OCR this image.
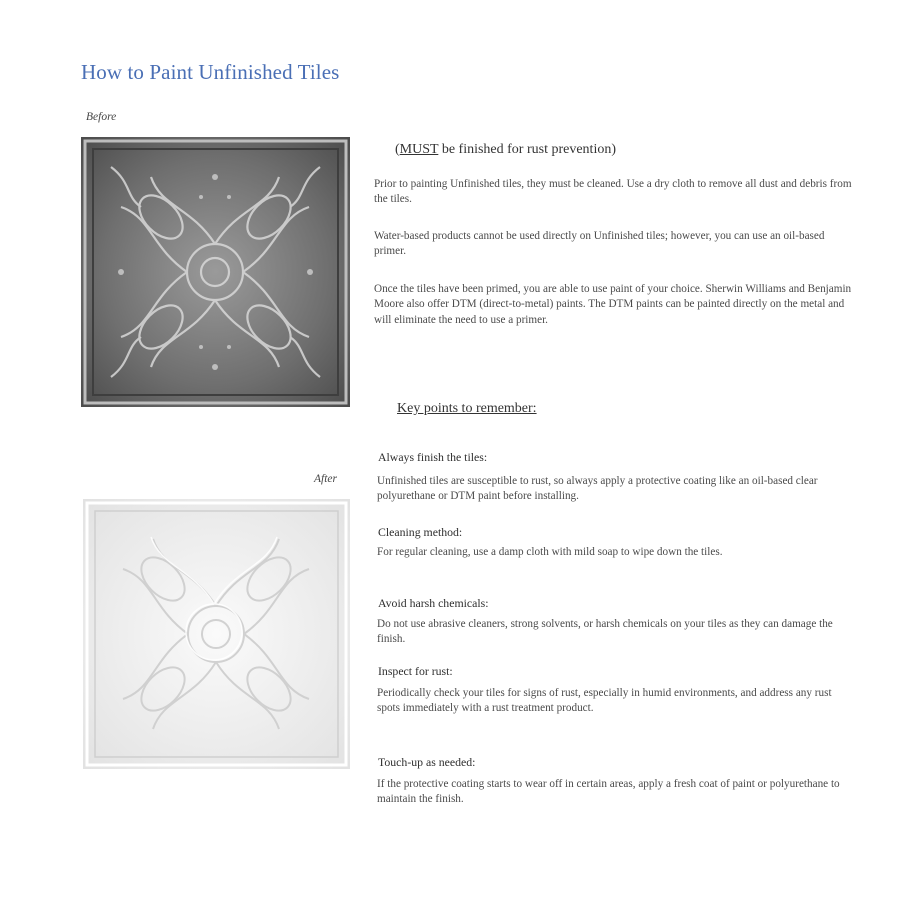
How to Paint Unfinished Tiles
Before
After
(MUST be finished for rust prevention)
Prior to painting Unfinished tiles, they must be cleaned. Use a dry cloth to remove all dust and debris from the tiles.
Water-based products cannot be used directly on Unfinished tiles; however, you can use an oil-based primer.
Once the tiles have been primed, you are able to use paint of your choice. Sherwin Williams and Benjamin Moore also offer DTM (direct-to-metal) paints. The DTM paints can be painted directly on the metal and will eliminate the need to use a primer.
Key points to remember:
Always finish the tiles:
Unfinished tiles are susceptible to rust, so always apply a protective coating like an oil-based clear polyurethane or DTM paint before installing.
Cleaning method:
For regular cleaning, use a damp cloth with mild soap to wipe down the tiles.
Avoid harsh chemicals:
Do not use abrasive cleaners, strong solvents, or harsh chemicals on your tiles as they can damage the finish.
Inspect for rust:
Periodically check your tiles for signs of rust, especially in humid environments, and address any rust spots immediately with a rust treatment product.
Touch-up as needed:
If the protective coating starts to wear off in certain areas, apply a fresh coat of paint or polyurethane to maintain the finish.
